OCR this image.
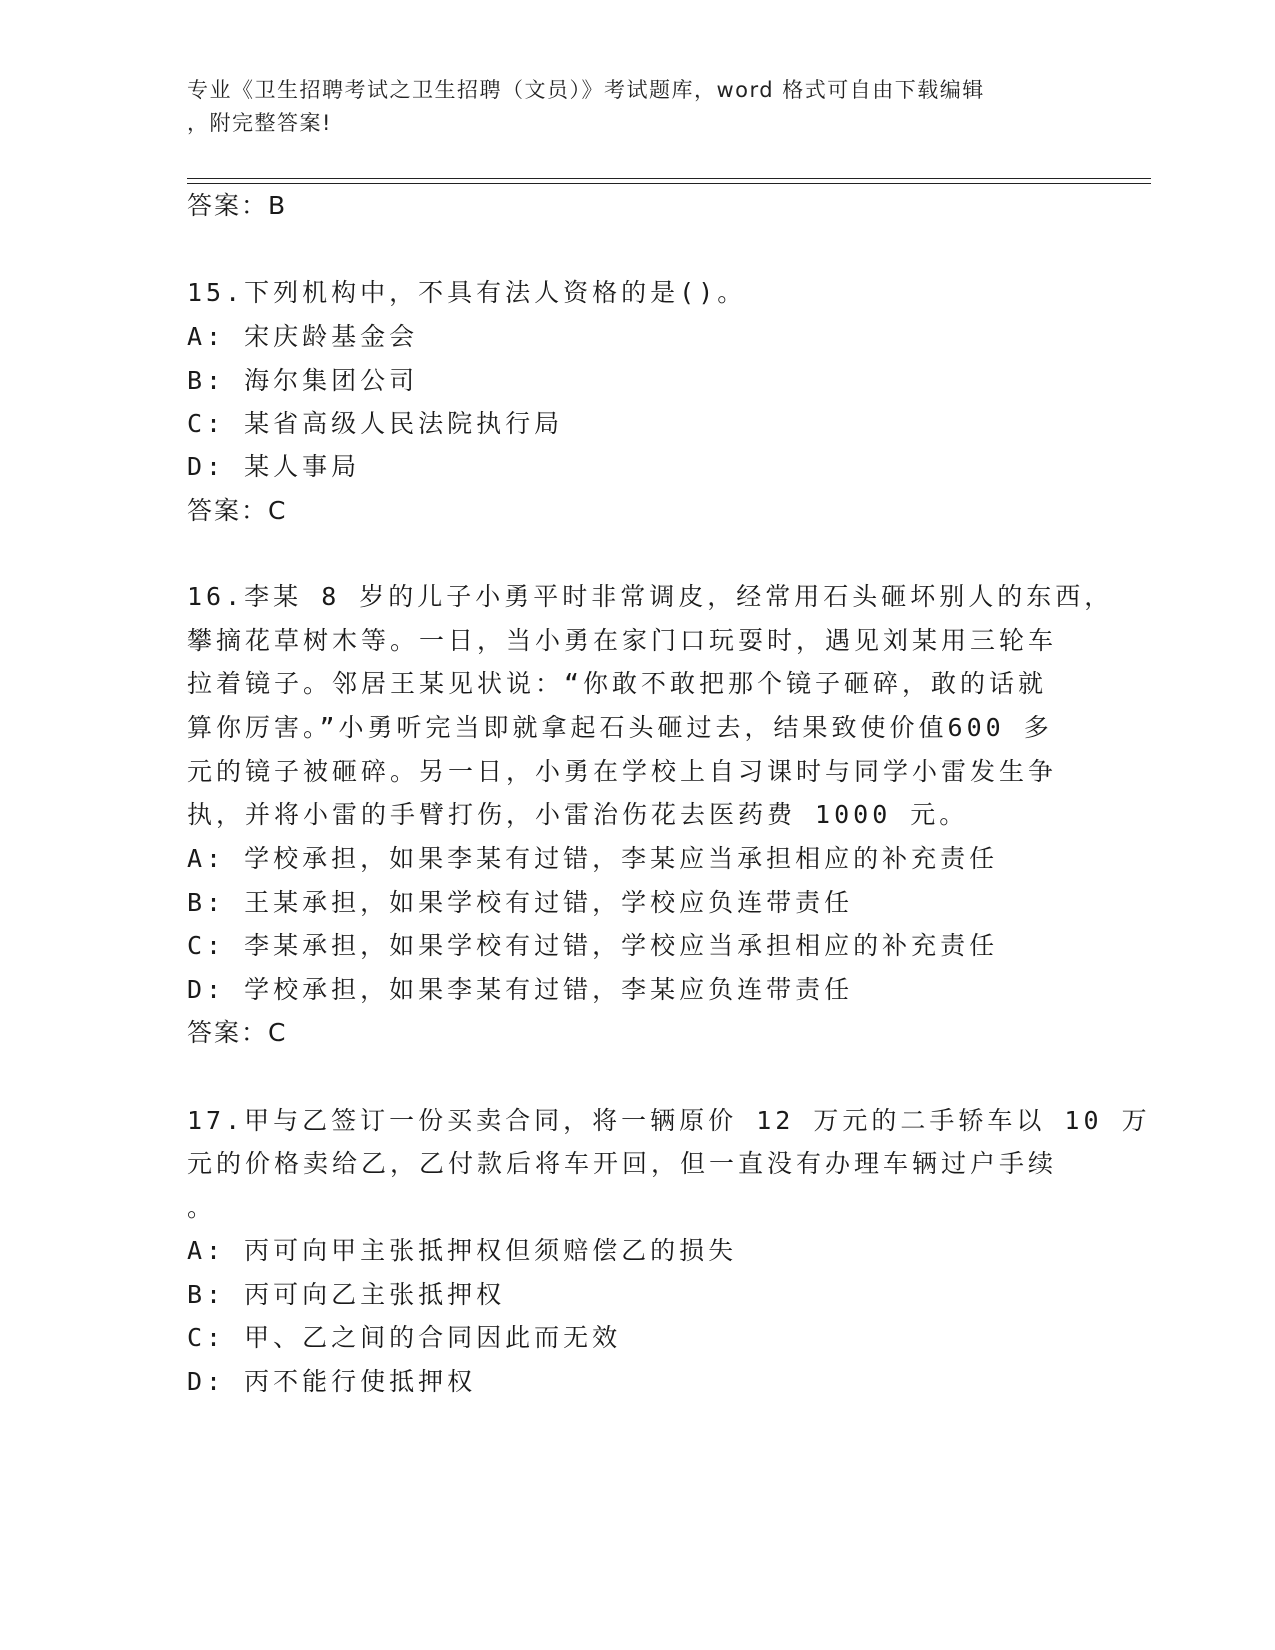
专业《卫生招聘考试之卫生招聘（文员）》考试题库，word 格式可自由下载编辑
，附完整答案!
答案：B
15.下列机构中，不具有法人资格的是()。
A: 宋庆龄基金会
B: 海尔集团公司
C: 某省高级人民法院执行局
D: 某人事局
答案：C
16.李某 8 岁的儿子小勇平时非常调皮，经常用石头砸坏别人的东西，
攀摘花草树木等。一日，当小勇在家门口玩耍时，遇见刘某用三轮车
拉着镜子。邻居王某见状说：“你敢不敢把那个镜子砸碎，敢的话就
算你厉害。”小勇听完当即就拿起石头砸过去，结果致使价值600 多
元的镜子被砸碎。另一日，小勇在学校上自习课时与同学小雷发生争
执，并将小雷的手臂打伤，小雷治伤花去医药费 1000 元。
A: 学校承担，如果李某有过错，李某应当承担相应的补充责任
B: 王某承担，如果学校有过错，学校应负连带责任
C: 李某承担，如果学校有过错，学校应当承担相应的补充责任
D: 学校承担，如果李某有过错，李某应负连带责任
答案：C
17.甲与乙签订一份买卖合同，将一辆原价 12 万元的二手轿车以 10 万
元的价格卖给乙，乙付款后将车开回，但一直没有办理车辆过户手续
。
A: 丙可向甲主张抵押权但须赔偿乙的损失
B: 丙可向乙主张抵押权
C: 甲、乙之间的合同因此而无效
D: 丙不能行使抵押权
